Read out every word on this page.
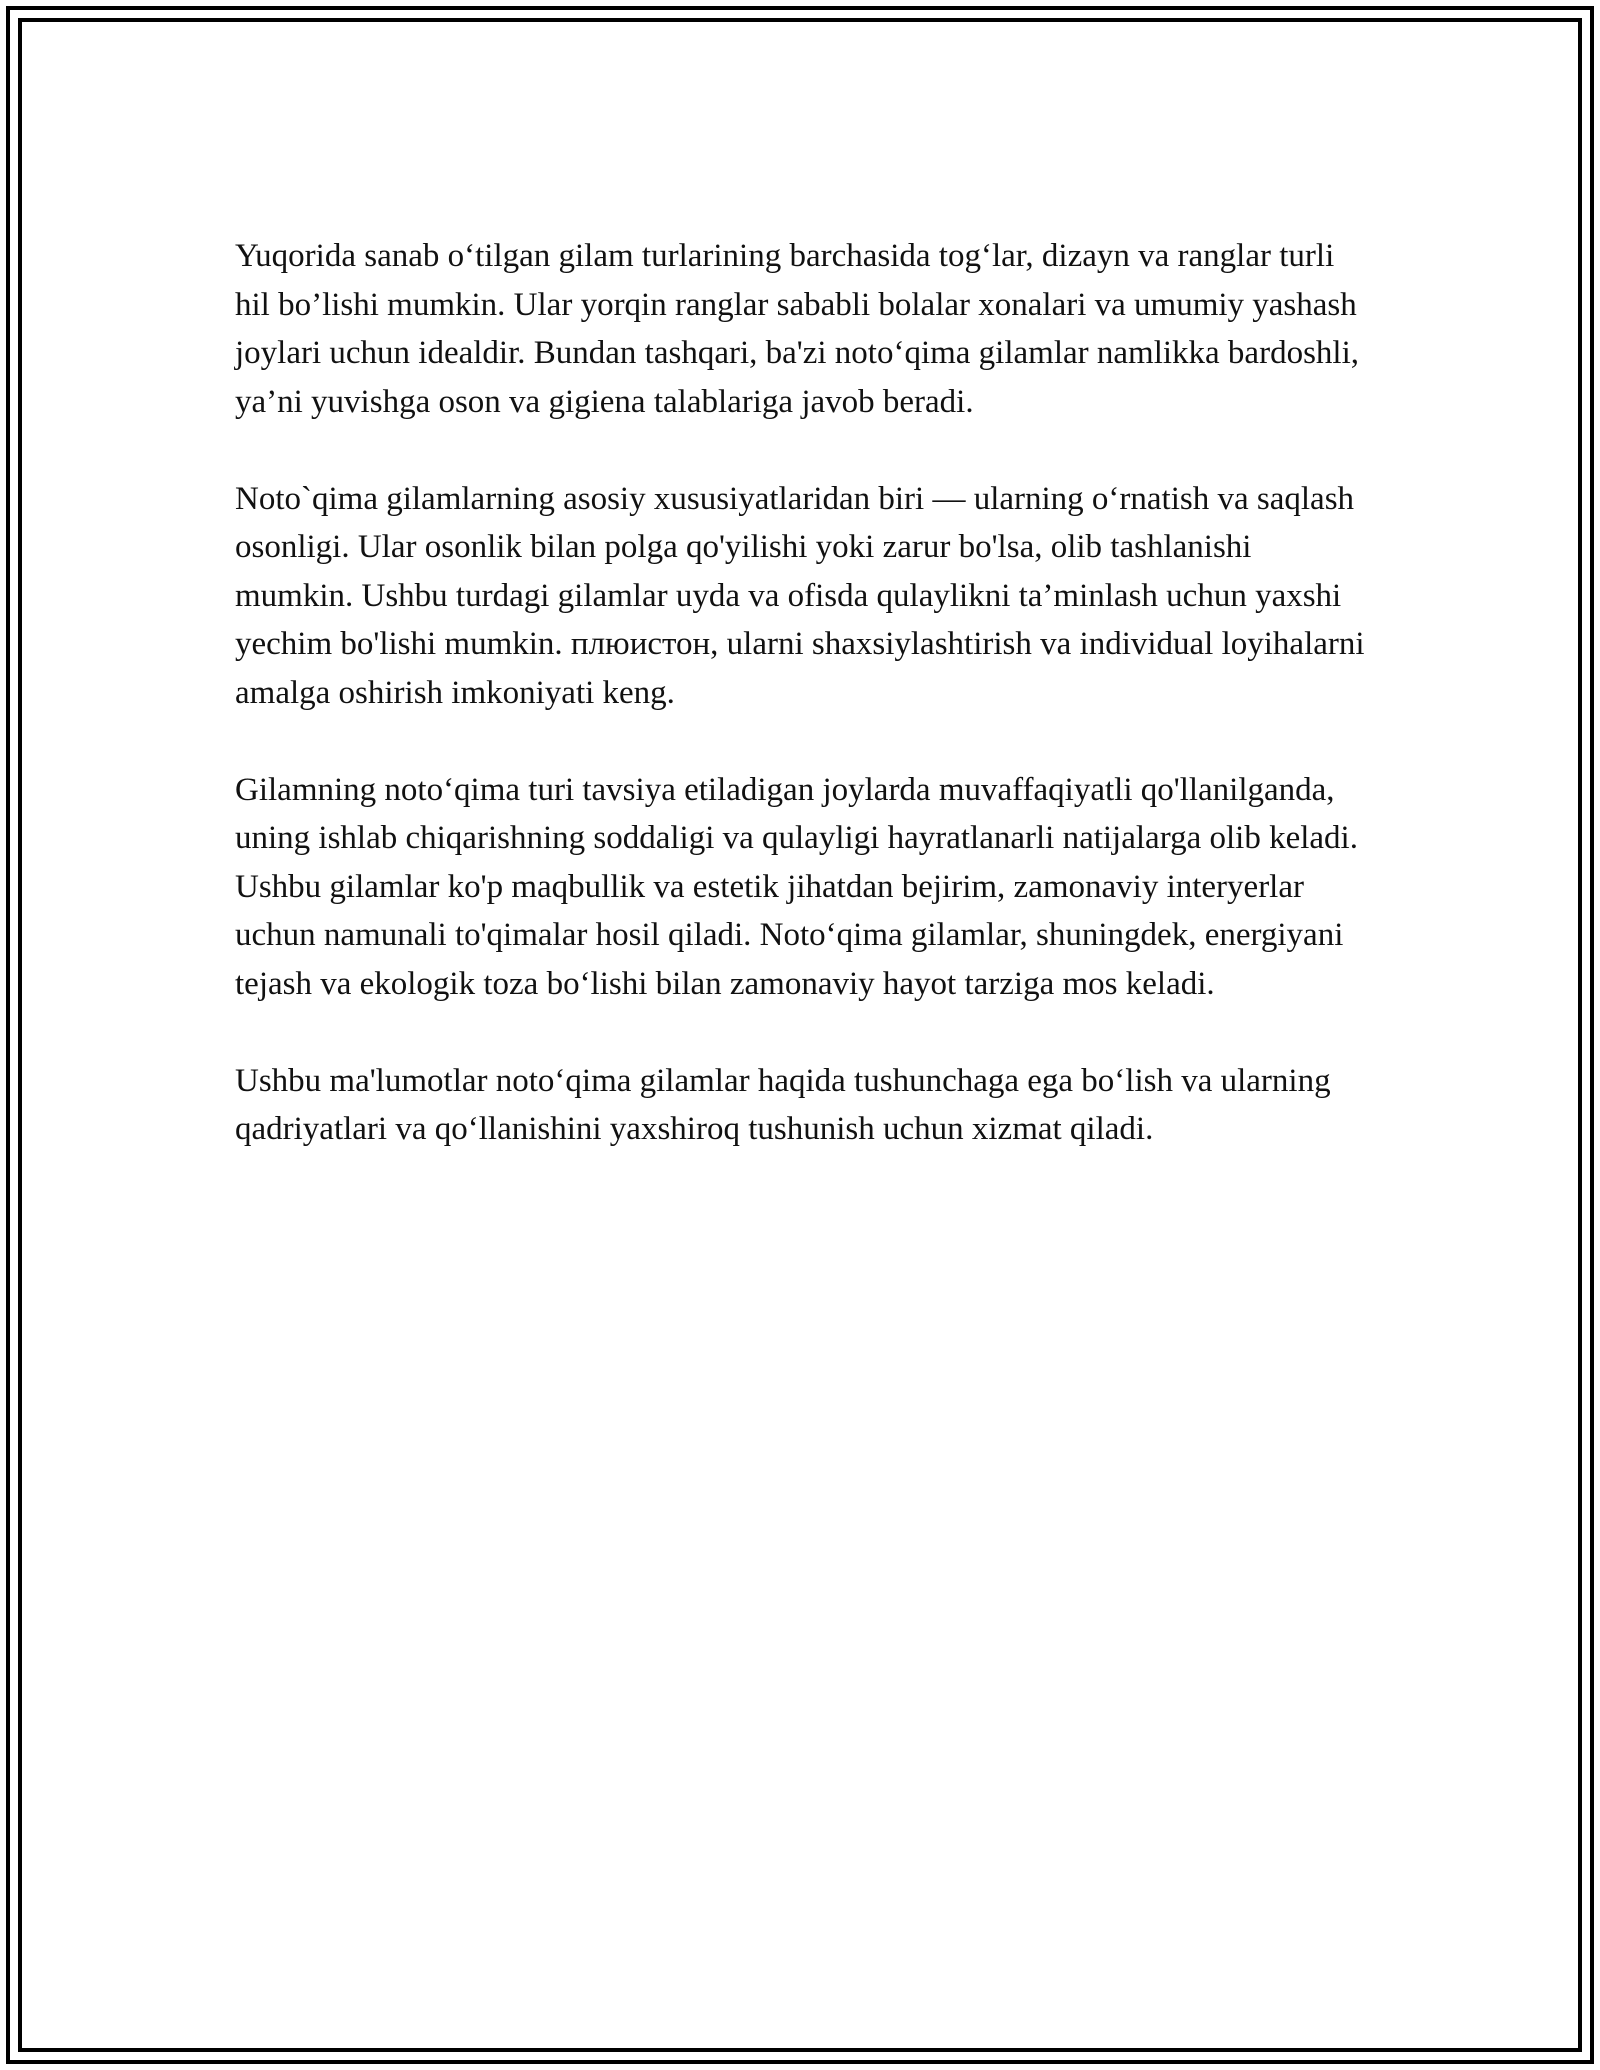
Yuqorida sanab o‘tilgan gilam turlarining barchasida tog‘lar, dizayn va ranglar turli hil bo’lishi mumkin. Ular yorqin ranglar sababli bolalar xonalari va umumiy yashash joylari uchun idealdir. Bundan tashqari, ba'zi noto‘qima gilamlar namlikka bardoshli, ya’ni yuvishga oson va gigiena talablariga javob beradi.

Noto`qima gilamlarning asosiy xususiyatlaridan biri — ularning o‘rnatish va saqlash osonligi. Ular osonlik bilan polga qo'yilishi yoki zarur bo'lsa, olib tashlanishi mumkin. Ushbu turdagi gilamlar uyda va ofisda qulaylikni ta’minlash uchun yaxshi yechim bo'lishi mumkin. плюистон, ularni shaxsiylashtirish va individual loyihalarni amalga oshirish imkoniyati keng.

Gilamning noto‘qima turi tavsiya etiladigan joylarda muvaffaqiyatli qo'llanilganda, uning ishlab chiqarishning soddaligi va qulayligi hayratlanarli natijalarga olib keladi. Ushbu gilamlar ko'p maqbullik va estetik jihatdan bejirim, zamonaviy interyerlar uchun namunali to'qimalar hosil qiladi. Noto‘qima gilamlar, shuningdek, energiyani tejash va ekologik toza bo‘lishi bilan zamonaviy hayot tarziga mos keladi.

Ushbu ma'lumotlar noto‘qima gilamlar haqida tushunchaga ega bo‘lish va ularning qadriyatlari va qo‘llanishini yaxshiroq tushunish uchun xizmat qiladi.
